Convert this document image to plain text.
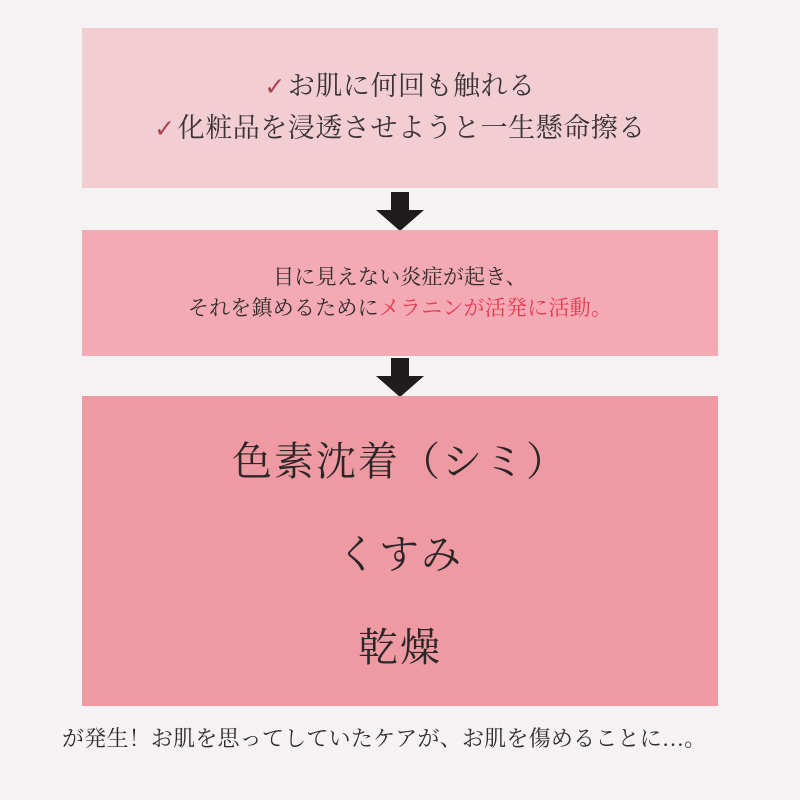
✓お肌に何回も触れる
✓化粧品を浸透させようと一生懸命擦る
目に見えない炎症が起き、
それを鎮めるためにメラニンが活発に活動。
色素沈着（シミ）
くすみ
乾燥
が発生！お肌を思ってしていたケアが、お肌を傷めることに…。
